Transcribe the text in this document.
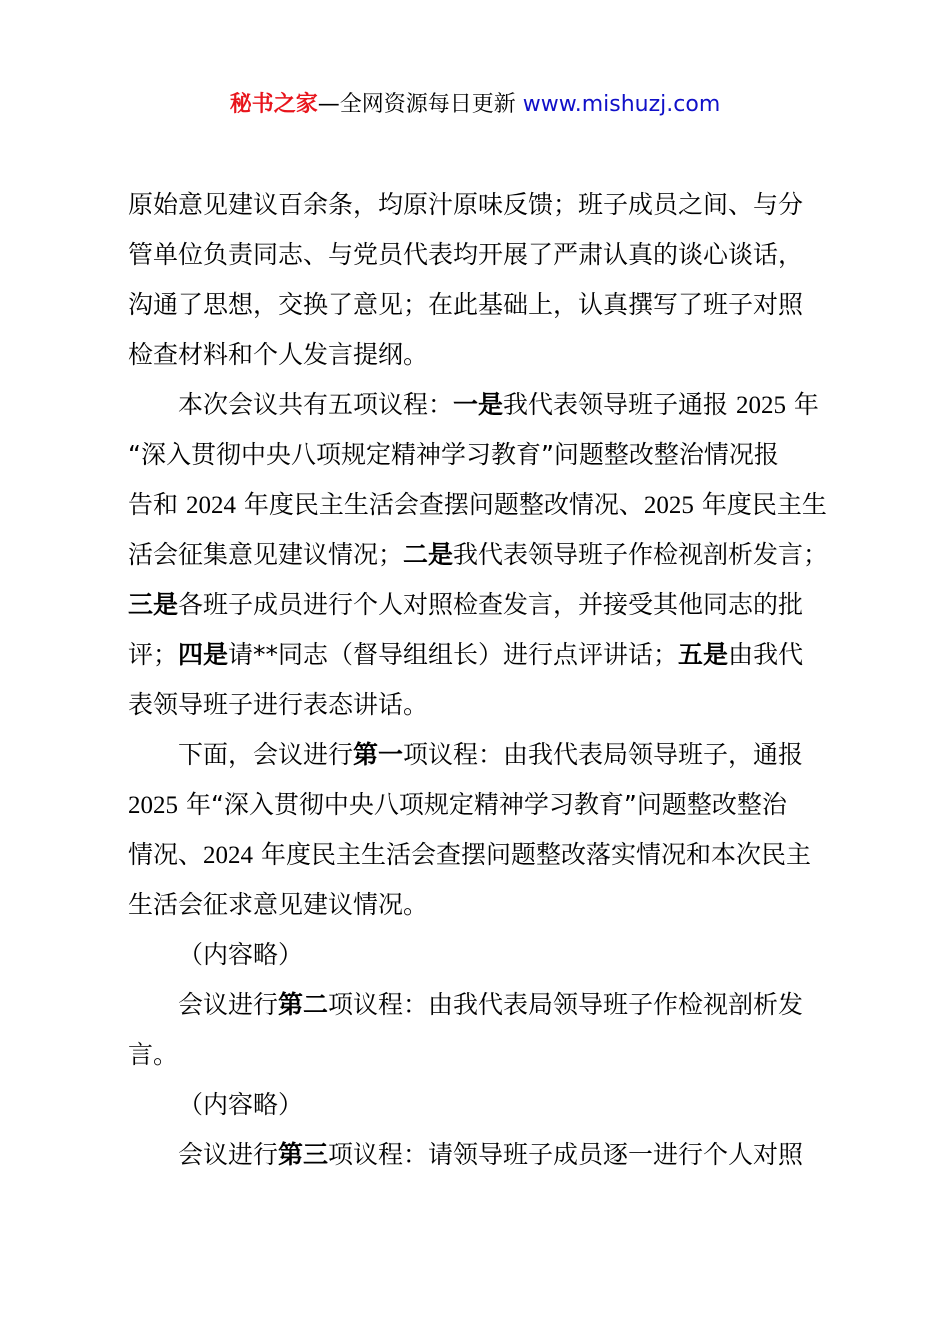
秘书之家—全网资源每日更新 www.mishuzj.com
原始意见建议百余条，均原汁原味反馈；班子成员之间、与分
管单位负责同志、与党员代表均开展了严肃认真的谈心谈话，
沟通了思想，交换了意见；在此基础上，认真撰写了班子对照
检查材料和个人发言提纲。
本次会议共有五项议程：一是我代表领导班子通报 2025 年
“深入贯彻中央八项规定精神学习教育”问题整改整治情况报
告和 2024 年度民主生活会查摆问题整改情况、2025 年度民主生
活会征集意见建议情况；二是我代表领导班子作检视剖析发言；
三是各班子成员进行个人对照检查发言，并接受其他同志的批
评；四是请**同志（督导组组长）进行点评讲话；五是由我代
表领导班子进行表态讲话。
下面，会议进行第一项议程：由我代表局领导班子，通报
2025 年“深入贯彻中央八项规定精神学习教育”问题整改整治
情况、2024 年度民主生活会查摆问题整改落实情况和本次民主
生活会征求意见建议情况。
（内容略）
会议进行第二项议程：由我代表局领导班子作检视剖析发
言。
（内容略）
会议进行第三项议程：请领导班子成员逐一进行个人对照
